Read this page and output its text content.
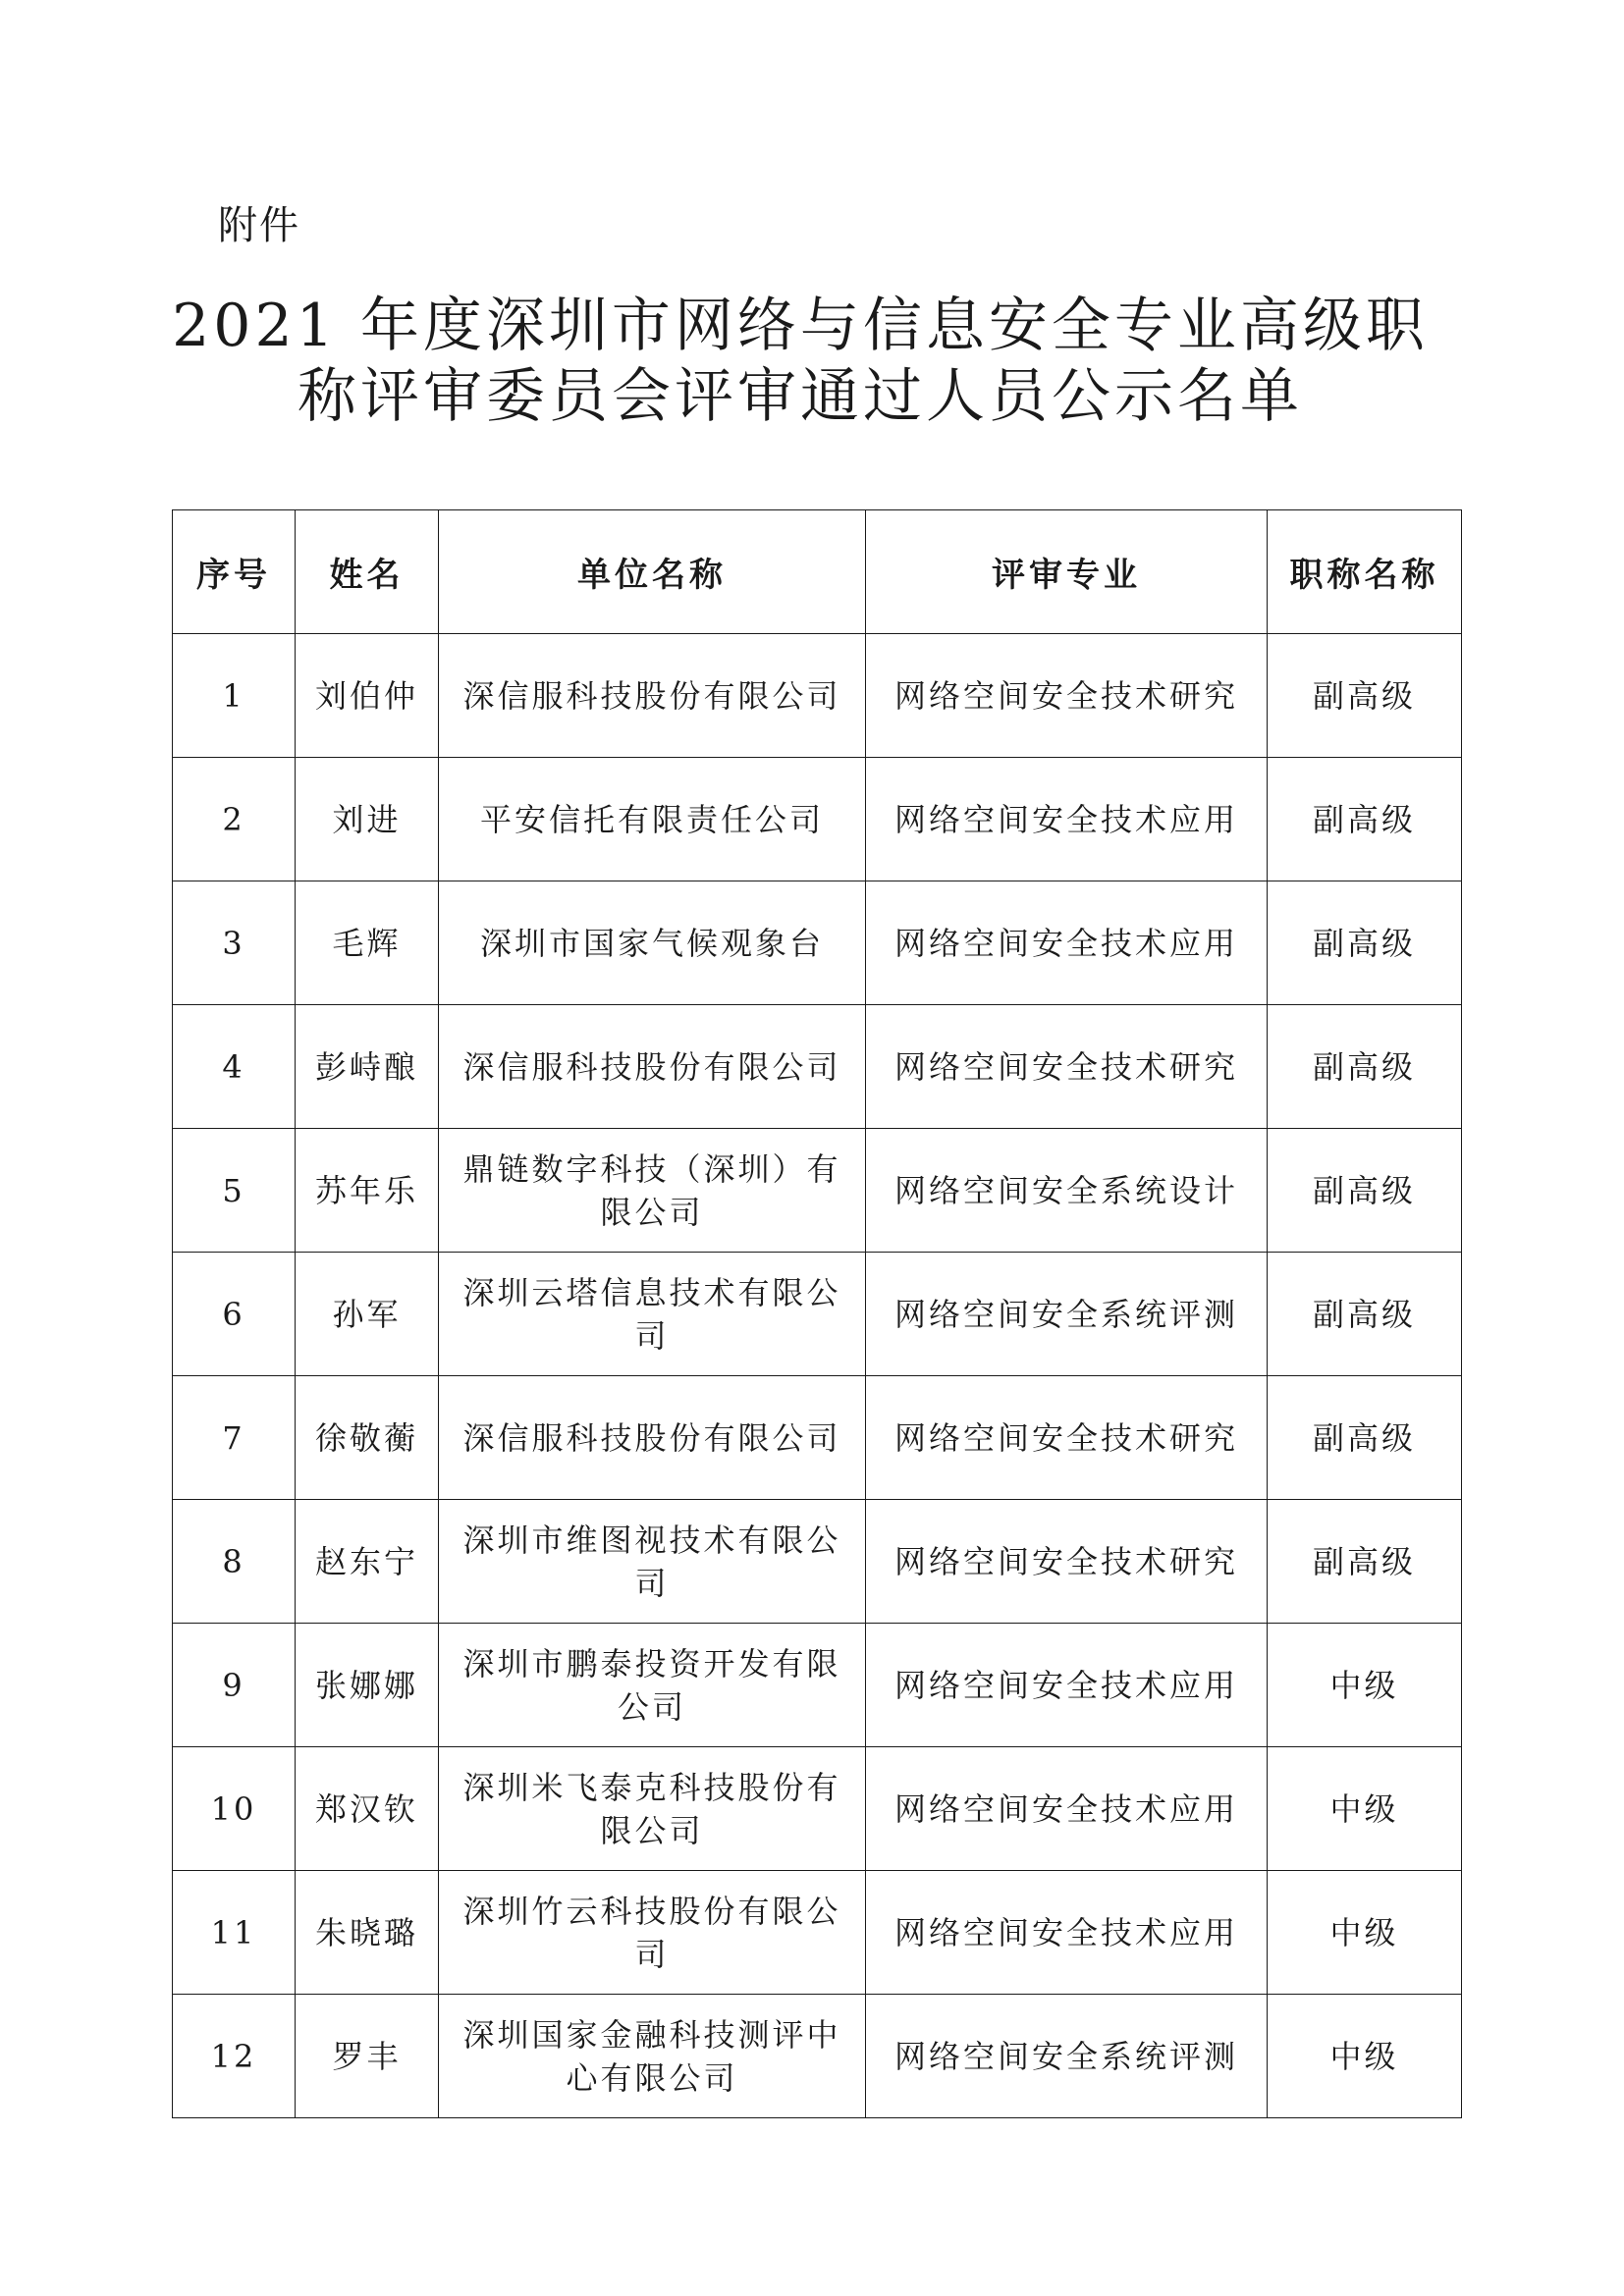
附件
2021 年度深圳市网络与信息安全专业高级职
称评审委员会评审通过人员公示名单
序号	姓名	单位名称	评审专业	职称名称
1	刘伯仲	深信服科技股份有限公司	网络空间安全技术研究	副高级
2	刘进	平安信托有限责任公司	网络空间安全技术应用	副高级
3	毛辉	深圳市国家气候观象台	网络空间安全技术应用	副高级
4	彭峙酿	深信服科技股份有限公司	网络空间安全技术研究	副高级
5	苏年乐	鼎链数字科技（深圳）有限公司	网络空间安全系统设计	副高级
6	孙军	深圳云塔信息技术有限公司	网络空间安全系统评测	副高级
7	徐敬蘅	深信服科技股份有限公司	网络空间安全技术研究	副高级
8	赵东宁	深圳市维图视技术有限公司	网络空间安全技术研究	副高级
9	张娜娜	深圳市鹏泰投资开发有限公司	网络空间安全技术应用	中级
10	郑汉钦	深圳米飞泰克科技股份有限公司	网络空间安全技术应用	中级
11	朱晓璐	深圳竹云科技股份有限公司	网络空间安全技术应用	中级
12	罗丰	深圳国家金融科技测评中心有限公司	网络空间安全系统评测	中级
